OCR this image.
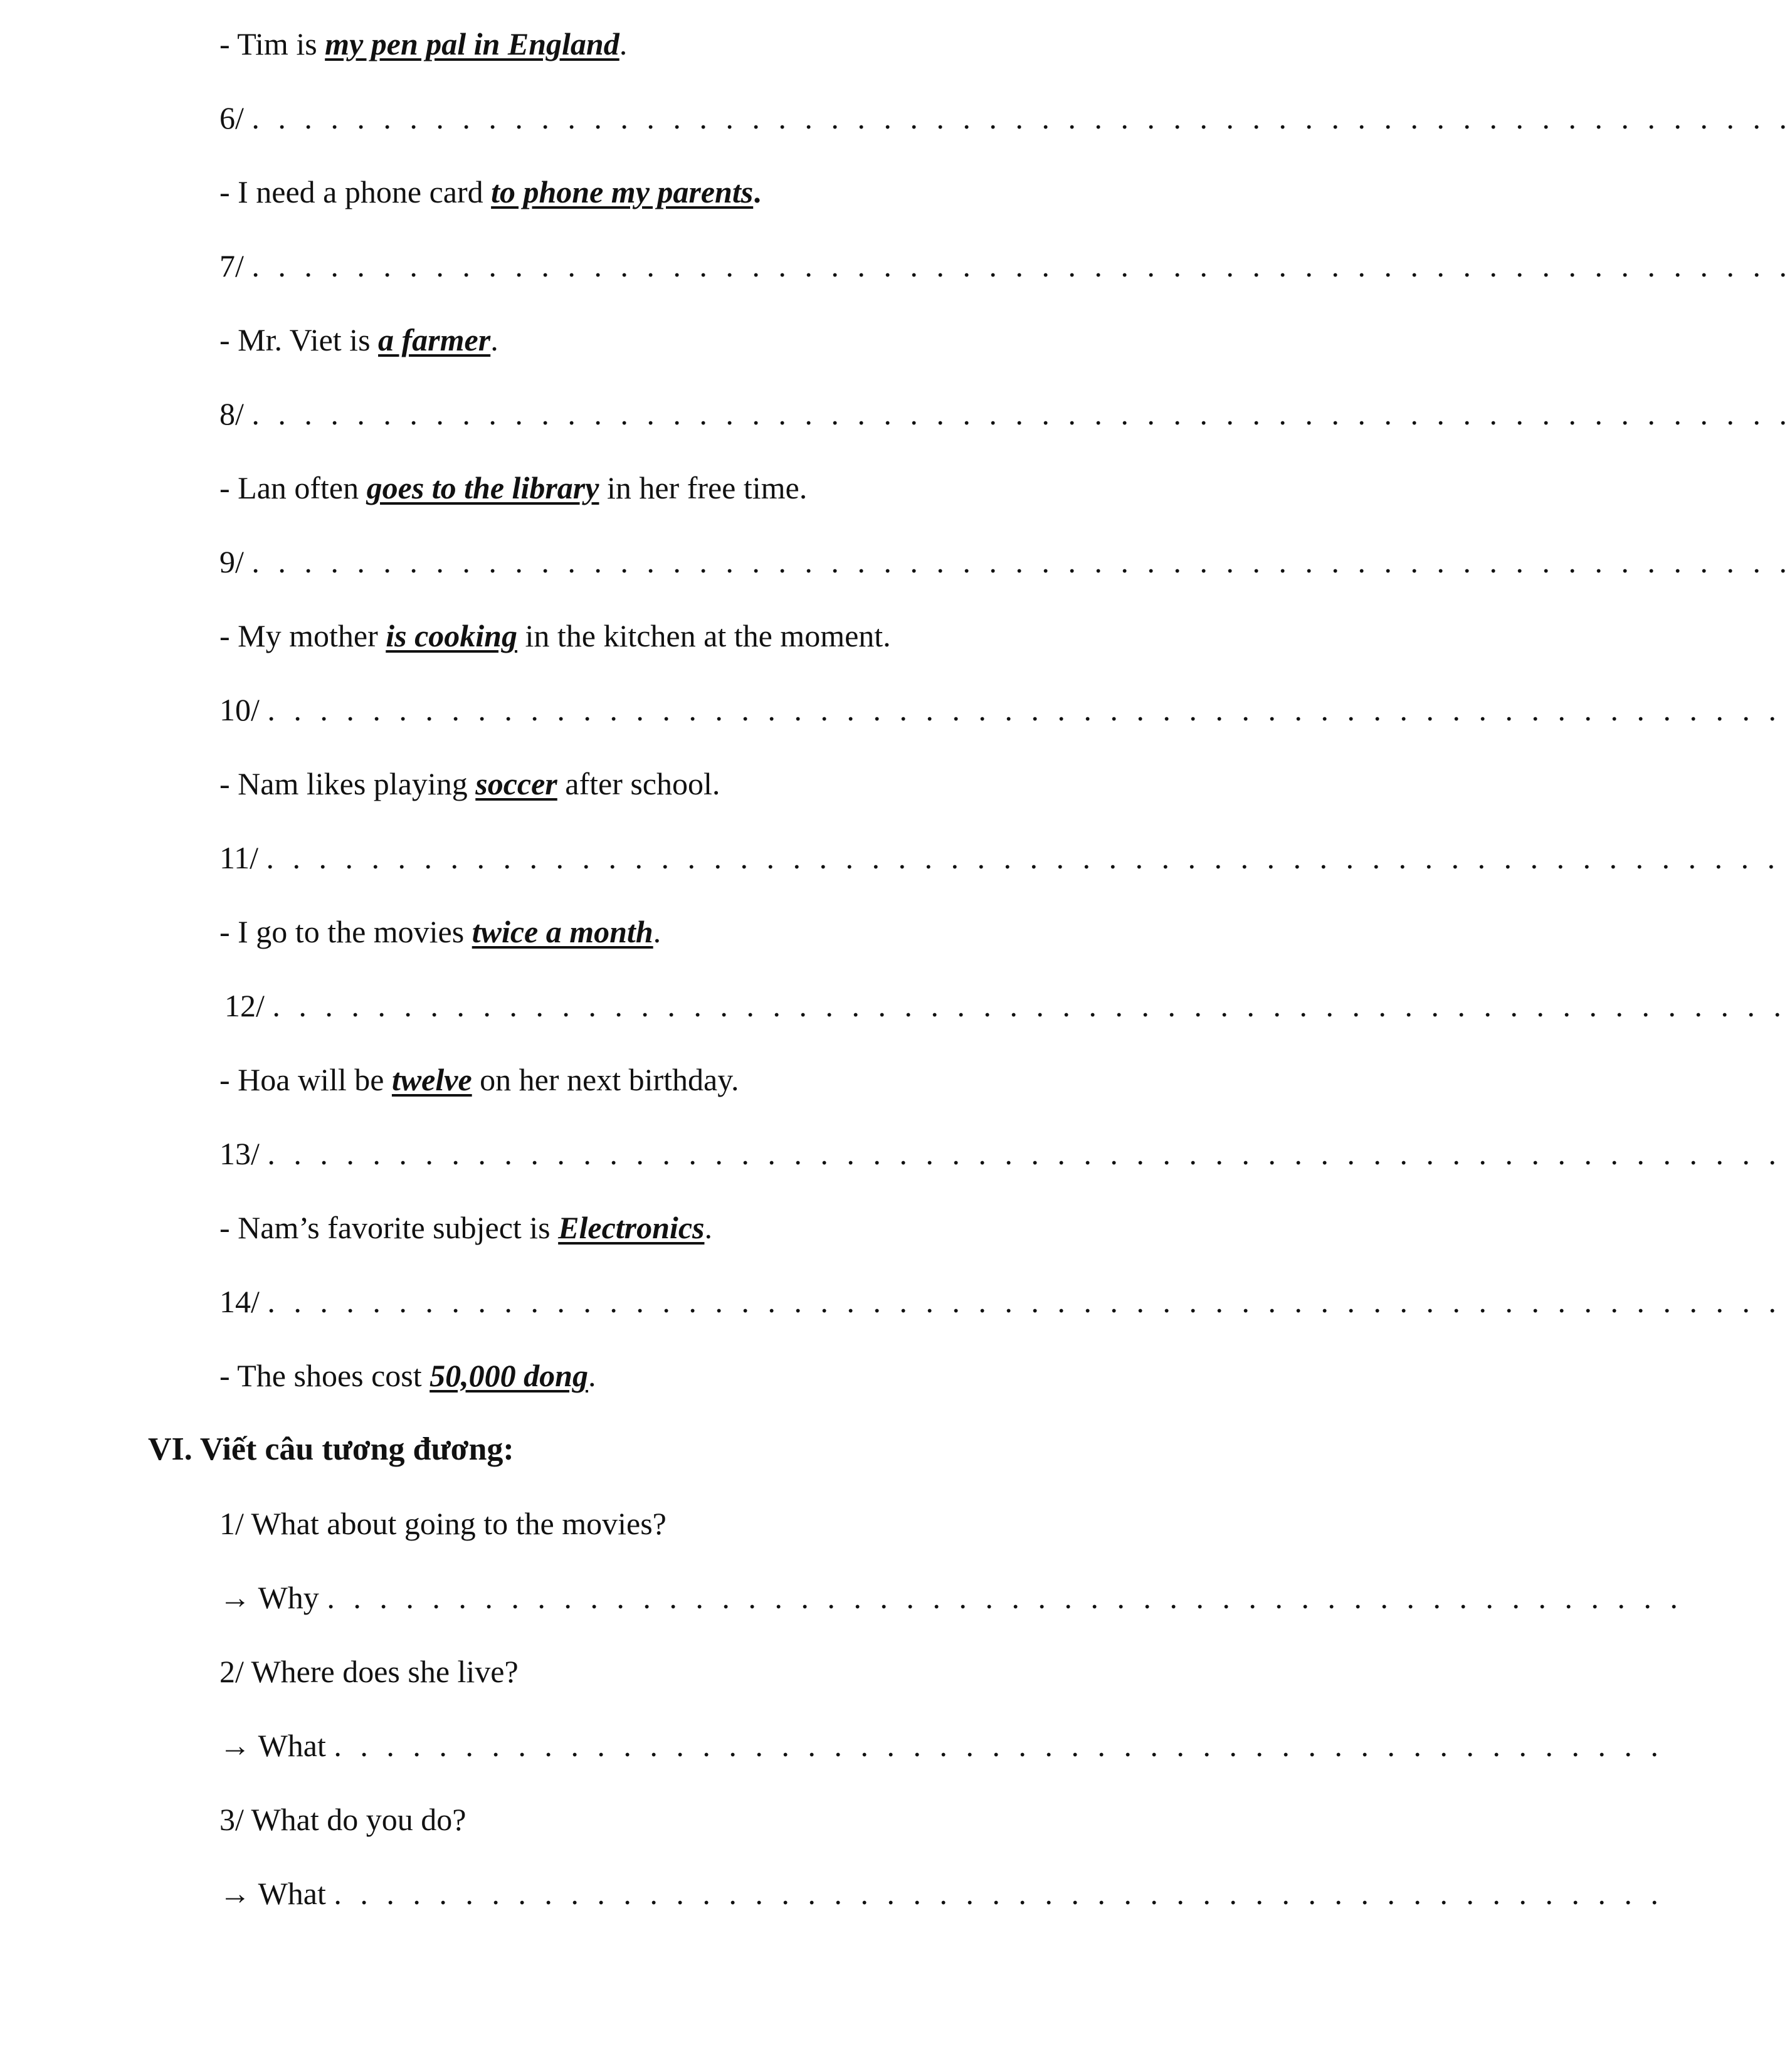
- Tim is my pen pal in England.
6/ . . . . . . . . . . . . . . . . . . . . . . . . . . . . . . . . . . . . . . . . . . . . . . . . . . . . . . . . . . .
- I need a phone card to phone my parents.
7/ . . . . . . . . . . . . . . . . . . . . . . . . . . . . . . . . . . . . . . . . . . . . . . . . . . . . . . . . . . .
- Mr. Viet is a farmer.
8/ . . . . . . . . . . . . . . . . . . . . . . . . . . . . . . . . . . . . . . . . . . . . . . . . . . . . . . . . . . .
- Lan often goes to the library in her free time.
9/ . . . . . . . . . . . . . . . . . . . . . . . . . . . . . . . . . . . . . . . . . . . . . . . . . . . . . . . . . . .
- My mother is cooking in the kitchen at the moment.
10/ . . . . . . . . . . . . . . . . . . . . . . . . . . . . . . . . . . . . . . . . . . . . . . . . . . . . . . . . . .
- Nam likes playing soccer after school.
11/ . . . . . . . . . . . . . . . . . . . . . . . . . . . . . . . . . . . . . . . . . . . . . . . . . . . . . . . . . .
- I go to the movies twice a month.
12/ . . . . . . . . . . . . . . . . . . . . . . . . . . . . . . . . . . . . . . . . . . . . . . . . . . . . . . . . . .
- Hoa will be twelve on her next birthday.
13/ . . . . . . . . . . . . . . . . . . . . . . . . . . . . . . . . . . . . . . . . . . . . . . . . . . . . . . . . . .
- Nam’s favorite subject is Electronics.
14/ . . . . . . . . . . . . . . . . . . . . . . . . . . . . . . . . . . . . . . . . . . . . . . . . . . . . . . . . . .
- The shoes cost 50,000 dong.
VI. Viết câu tương đương:
1/ What about going to the movies?
→ Why . . . . . . . . . . . . . . . . . . . . . . . . . . . . . . . . . . . . . . . . . . . . . . . . . . . .
2/ Where does she live?
→ What . . . . . . . . . . . . . . . . . . . . . . . . . . . . . . . . . . . . . . . . . . . . . . . . . . .
3/ What do you do?
→ What . . . . . . . . . . . . . . . . . . . . . . . . . . . . . . . . . . . . . . . . . . . . . . . . . . .
